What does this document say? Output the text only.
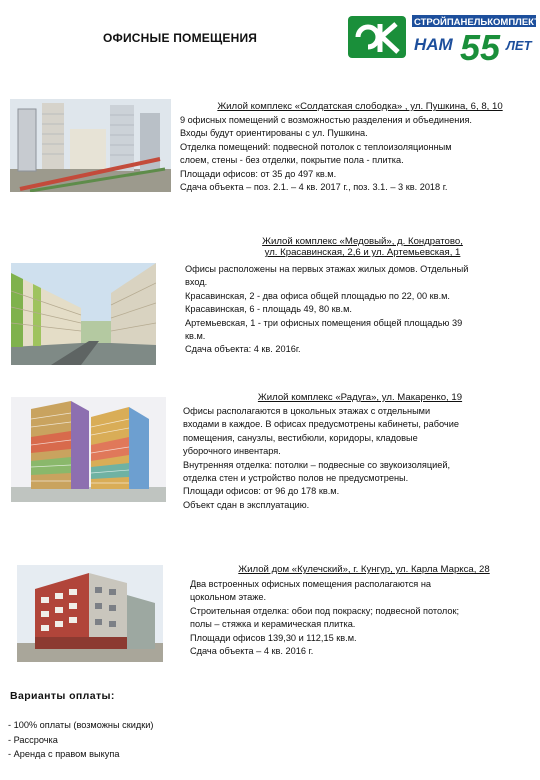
ОФИСНЫЕ ПОМЕЩЕНИЯ
СТРОЙПАНЕЛЬКОМПЛЕКТ
НАМ 55 ЛЕТ
Жилой комплекс «Солдатская слободка» , ул. Пушкина, 6, 8, 10
9 офисных помещений с возможностью разделения и объединения.
Входы будут ориентированы с ул. Пушкина.
Отделка помещений: подвесной потолок с теплоизоляционным
слоем, стены - без отделки, покрытие пола - плитка.
Площади офисов: от 35 до 497 кв.м.
Сдача объекта – поз. 2.1. – 4 кв. 2017 г., поз. 3.1. – 3 кв. 2018 г.
Жилой комплекс «Медовый», д. Кондратово,
ул. Красавинская, 2,6 и ул. Артемьевская, 1
Офисы расположены на первых этажах жилых домов. Отдельный
вход.
Красавинская, 2 - два офиса общей площадью по 22, 00 кв.м.
Красавинская, 6 - площадь 49, 80 кв.м.
Артемьевская, 1 - три офисных помещения общей площадью 39
кв.м.
Сдача объекта: 4 кв. 2016г.
Жилой комплекс «Радуга», ул. Макаренко, 19
Офисы располагаются в цокольных этажах с отдельными
входами в каждое. В офисах предусмотрены кабинеты, рабочие
помещения, санузлы, вестибюли, коридоры, кладовые
уборочного инвентаря.
Внутренняя отделка: потолки – подвесные со звукоизоляцией,
отделка стен и устройство полов не предусмотрены.
Площади офисов: от 96 до 178 кв.м.
Объект сдан в эксплуатацию.
Жилой дом «Кулечский», г. Кунгур, ул. Карла Маркса, 28
Два встроенных офисных помещения располагаются на
цокольном этаже.
Строительная отделка: обои под покраску; подвесной потолок;
полы – стяжка и керамическая плитка.
Площади офисов 139,30 и 112,15 кв.м.
Сдача объекта – 4 кв. 2016 г.
Варианты оплаты:
- 100% оплаты (возможны скидки)
- Рассрочка
- Аренда с правом выкупа
